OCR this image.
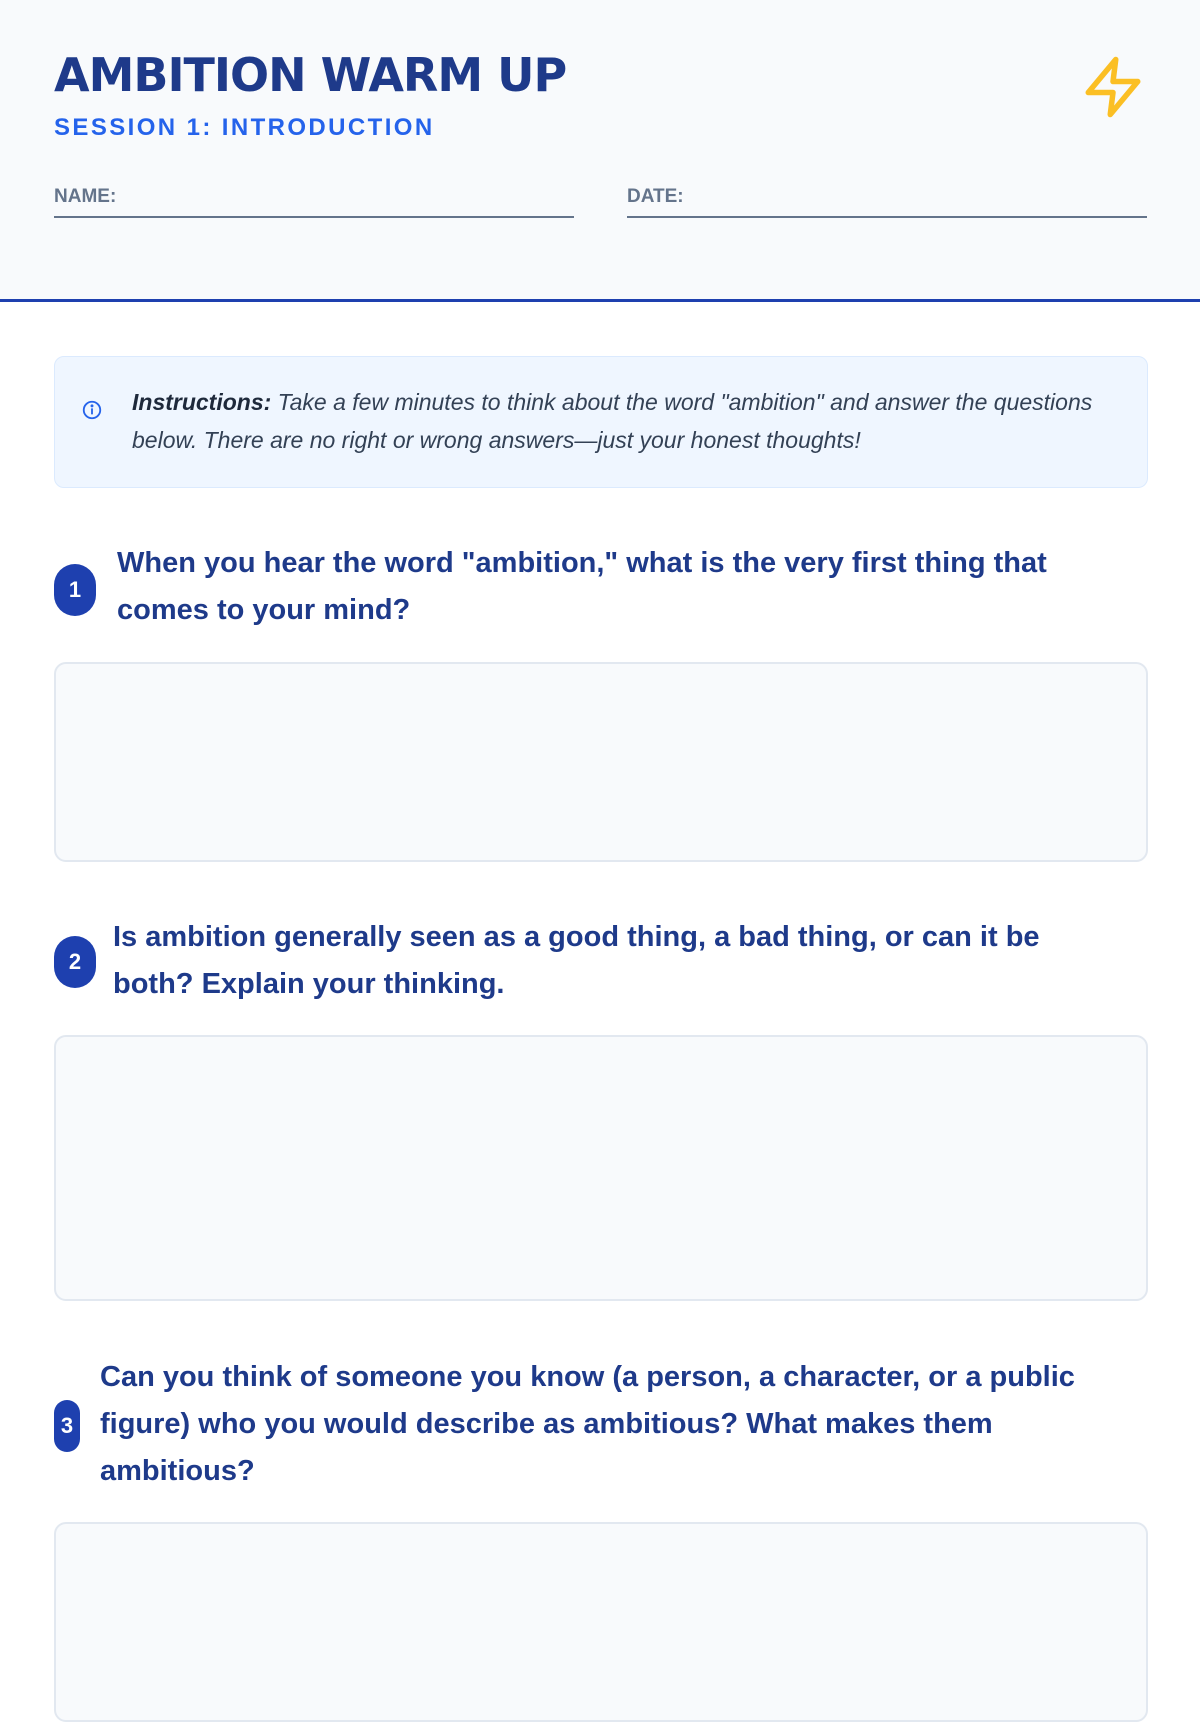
AMBITION WARM UP
SESSION 1: INTRODUCTION
NAME:	DATE:
Instructions: Take a few minutes to think about the word "ambition" and answer the questions below. There are no right or wrong answers—just your honest thoughts!
1
When you hear the word "ambition," what is the very first thing that comes to your mind?
2
Is ambition generally seen as a good thing, a bad thing, or can it be both? Explain your thinking.
3
Can you think of someone you know (a person, a character, or a public figure) who you would describe as ambitious? What makes them ambitious?
